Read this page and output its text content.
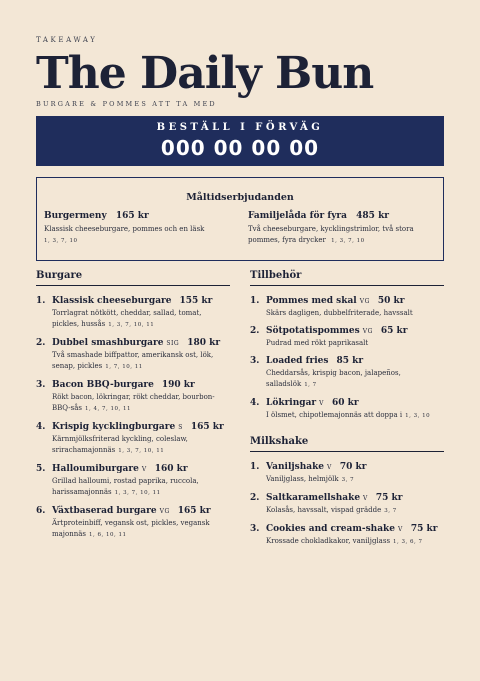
TAKEAWAY
The Daily Bun
BURGARE & POMMES ATT TA MED
BESTÄLL I FÖRVÄG
000 00 00 00
Måltidserbjudanden
Burgermeny 165 kr
Klassisk cheeseburgare, pommes och en läsk
1, 3, 7, 10
Familjelåda för fyra 485 kr
Två cheeseburgare, kycklingstrimlor, två stora pommes, fyra drycker 1, 3, 7, 10
Burgare
1. Klassisk cheeseburgare 155 kr
Torrlagrat nötkött, cheddar, sallad, tomat, pickles, hussås 1, 3, 7, 10, 11
2. Dubbel smashburgare SIG 180 kr
Två smashade biffpattor, amerikansk ost, lök, senap, pickles 1, 7, 10, 11
3. Bacon BBQ-burgare 190 kr
Rökt bacon, lökringar, rökt cheddar, bourbon-BBQ-sås 1, 4, 7, 10, 11
4. Krispig kycklingburgare S 165 kr
Kärnmjölksfriterad kyckling, coleslaw, srirachamajonnäs 1, 3, 7, 10, 11
5. Halloumiburgare V 160 kr
Grillad halloumi, rostad paprika, ruccola, harissamajonnäs 1, 3, 7, 10, 11
6. Växtbaserad burgare VG 165 kr
Ärtproteinbiff, vegansk ost, pickles, vegansk majonnäs 1, 6, 10, 11
Tillbehör
1. Pommes med skal VG 50 kr
Skärs dagligen, dubbelfriterade, havssalt
2. Sötpotatispommes VG 65 kr
Pudrad med rökt paprikasalt
3. Loaded fries 85 kr
Cheddarsås, krispig bacon, jalapeños, salladslök 1, 7
4. Lökringar V 60 kr
I ölsmet, chipotlemajonnäs att doppa i 1, 3, 10
Milkshake
1. Vaniljshake V 70 kr
Vaniljglass, helmjölk 3, 7
2. Saltkaramellshake V 75 kr
Kolasås, havssalt, vispad grädde 3, 7
3. Cookies and cream-shake V 75 kr
Krossade chokladkakor, vaniljglass 1, 3, 6, 7
